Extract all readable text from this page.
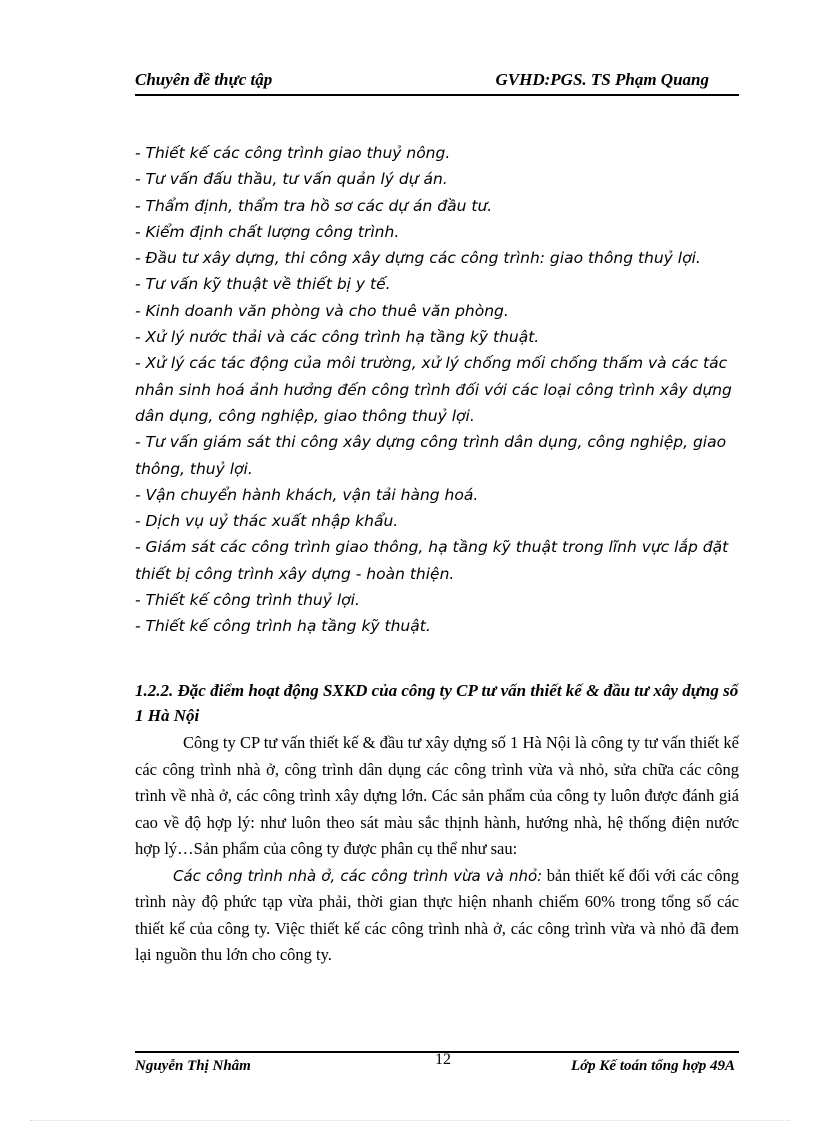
Chuyên đề thực tập	GVHD:PGS. TS Phạm Quang

- Thiết kế các công trình giao thuỷ nông.

- Tư vấn đấu thầu, tư vấn quản lý dự án.

- Thẩm định, thẩm tra hồ sơ các dự án đầu tư.

- Kiểm định chất lượng công trình.

- Đầu tư xây dựng, thi công xây dựng các công trình: giao thông thuỷ lợi.

- Tư vấn kỹ thuật về thiết bị y tế.

- Kinh doanh văn phòng và cho thuê văn phòng.

- Xử lý nước thải và các công trình hạ tầng kỹ thuật.

- Xử lý các tác động của môi trường, xử lý chống mối chống thấm và các tác nhân sinh hoá ảnh hưởng đến công trình đối với các loại công trình xây dựng dân dụng, công nghiệp, giao thông thuỷ lợi.

- Tư vấn giám sát thi công xây dựng công trình dân dụng, công nghiệp, giao thông, thuỷ lợi.

- Vận chuyển hành khách, vận tải hàng hoá.

- Dịch vụ uỷ thác xuất nhập khẩu.

- Giám sát các công trình giao thông, hạ tầng kỹ thuật trong lĩnh vực lắp đặt thiết bị công trình xây dựng - hoàn thiện.

- Thiết kế công trình thuỷ lợi.

- Thiết kế công trình hạ tầng kỹ thuật.

1.2.2. Đặc điểm hoạt động SXKD của công ty CP tư vấn thiết kế & đầu tư xây dựng số 1 Hà Nội

Công ty CP tư vấn thiết kế & đầu tư xây dựng số 1 Hà Nội là công ty tư vấn thiết kế các công trình nhà ở, công trình dân dụng các công trình vừa và nhỏ, sửa chữa các công trình về nhà ở, các công trình xây dựng lớn. Các sản phẩm của công ty luôn được đánh giá cao về độ hợp lý: như luôn theo sát màu sắc thịnh hành, hướng nhà, hệ thống điện nước hợp lý…Sản phẩm của công ty được phân cụ thể như sau:

Các công trình nhà ở, các công trình vừa và nhỏ: bản thiết kế đối với các công trình này độ phức tạp vừa phải, thời gian thực hiện nhanh chiếm 60% trong tổng số các thiết kế của công ty. Việc thiết kế các công trình nhà ở, các công trình vừa và nhỏ đã đem lại nguồn thu lớn cho công ty.

Nguyễn Thị Nhâm	12	Lớp Kế toán tổng hợp 49A
